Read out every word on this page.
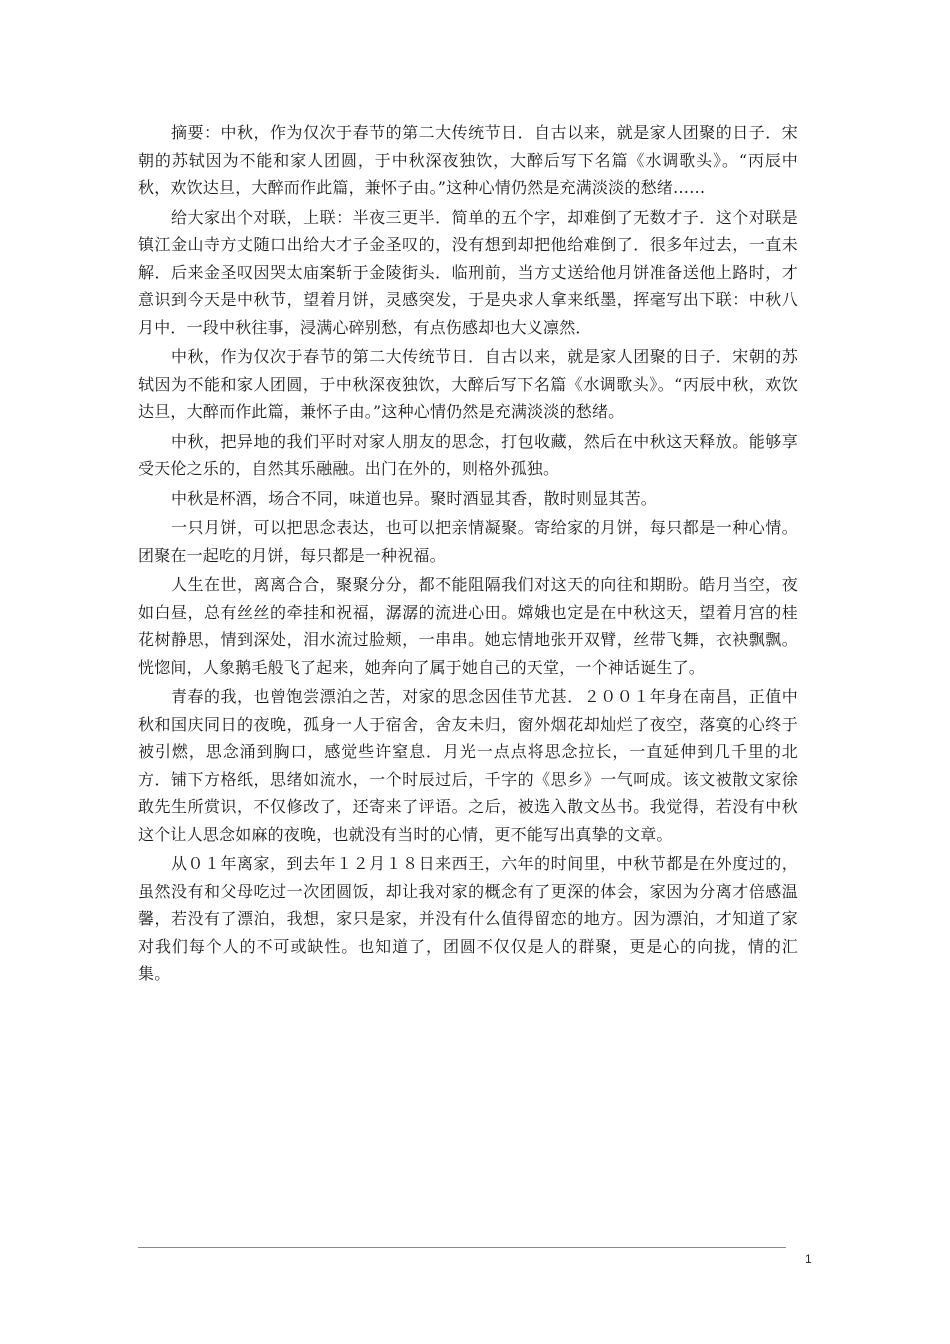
摘要：中秋，作为仅次于春节的第二大传统节日．自古以来，就是家人团聚的日子．宋朝的苏轼因为不能和家人团圆，于中秋深夜独饮，大醉后写下名篇《水调歌头》。“丙辰中秋，欢饮达旦，大醉而作此篇，兼怀子由。”这种心情仍然是充满淡淡的愁绪……

给大家出个对联，上联：半夜三更半．简单的五个字，却难倒了无数才子．这个对联是镇江金山寺方丈随口出给大才子金圣叹的，没有想到却把他给难倒了．很多年过去，一直未解．后来金圣叹因哭太庙案斩于金陵街头．临刑前，当方丈送给他月饼准备送他上路时，才意识到今天是中秋节，望着月饼，灵感突发，于是央求人拿来纸墨，挥毫写出下联：中秋八月中．一段中秋往事，浸满心碎别愁，有点伤感却也大义凛然．

中秋，作为仅次于春节的第二大传统节日．自古以来，就是家人团聚的日子．宋朝的苏轼因为不能和家人团圆，于中秋深夜独饮，大醉后写下名篇《水调歌头》。“丙辰中秋，欢饮达旦，大醉而作此篇，兼怀子由。”这种心情仍然是充满淡淡的愁绪。

中秋，把异地的我们平时对家人朋友的思念，打包收藏，然后在中秋这天释放。能够享受天伦之乐的，自然其乐融融。出门在外的，则格外孤独。

中秋是杯酒，场合不同，味道也异。聚时酒显其香，散时则显其苦。

一只月饼，可以把思念表达，也可以把亲情凝聚。寄给家的月饼，每只都是一种心情。团聚在一起吃的月饼，每只都是一种祝福。

人生在世，离离合合，聚聚分分，都不能阻隔我们对这天的向往和期盼。皓月当空，夜如白昼，总有丝丝的牵挂和祝福，潺潺的流进心田。嫦娥也定是在中秋这天，望着月宫的桂花树静思，情到深处，泪水流过脸颊，一串串。她忘情地张开双臂，丝带飞舞，衣袂飘飘。恍惚间，人象鹅毛般飞了起来，她奔向了属于她自己的天堂，一个神话诞生了。

青春的我，也曾饱尝漂泊之苦，对家的思念因佳节尤甚．２００１年身在南昌，正值中秋和国庆同日的夜晚，孤身一人于宿舍，舍友未归，窗外烟花却灿烂了夜空，落寞的心终于被引燃，思念涌到胸口，感觉些许窒息．月光一点点将思念拉长，一直延伸到几千里的北方．铺下方格纸，思绪如流水，一个时辰过后，千字的《思乡》一气呵成。该文被散文家徐敢先生所赏识，不仅修改了，还寄来了评语。之后，被选入散文丛书。我觉得，若没有中秋这个让人思念如麻的夜晚，也就没有当时的心情，更不能写出真挚的文章。

从０１年离家，到去年１２月１８日来西王，六年的时间里，中秋节都是在外度过的，虽然没有和父母吃过一次团圆饭，却让我对家的概念有了更深的体会，家因为分离才倍感温馨，若没有了漂泊，我想，家只是家，并没有什么值得留恋的地方。因为漂泊，才知道了家对我们每个人的不可或缺性。也知道了，团圆不仅仅是人的群聚，更是心的向拢，情的汇集。

1
